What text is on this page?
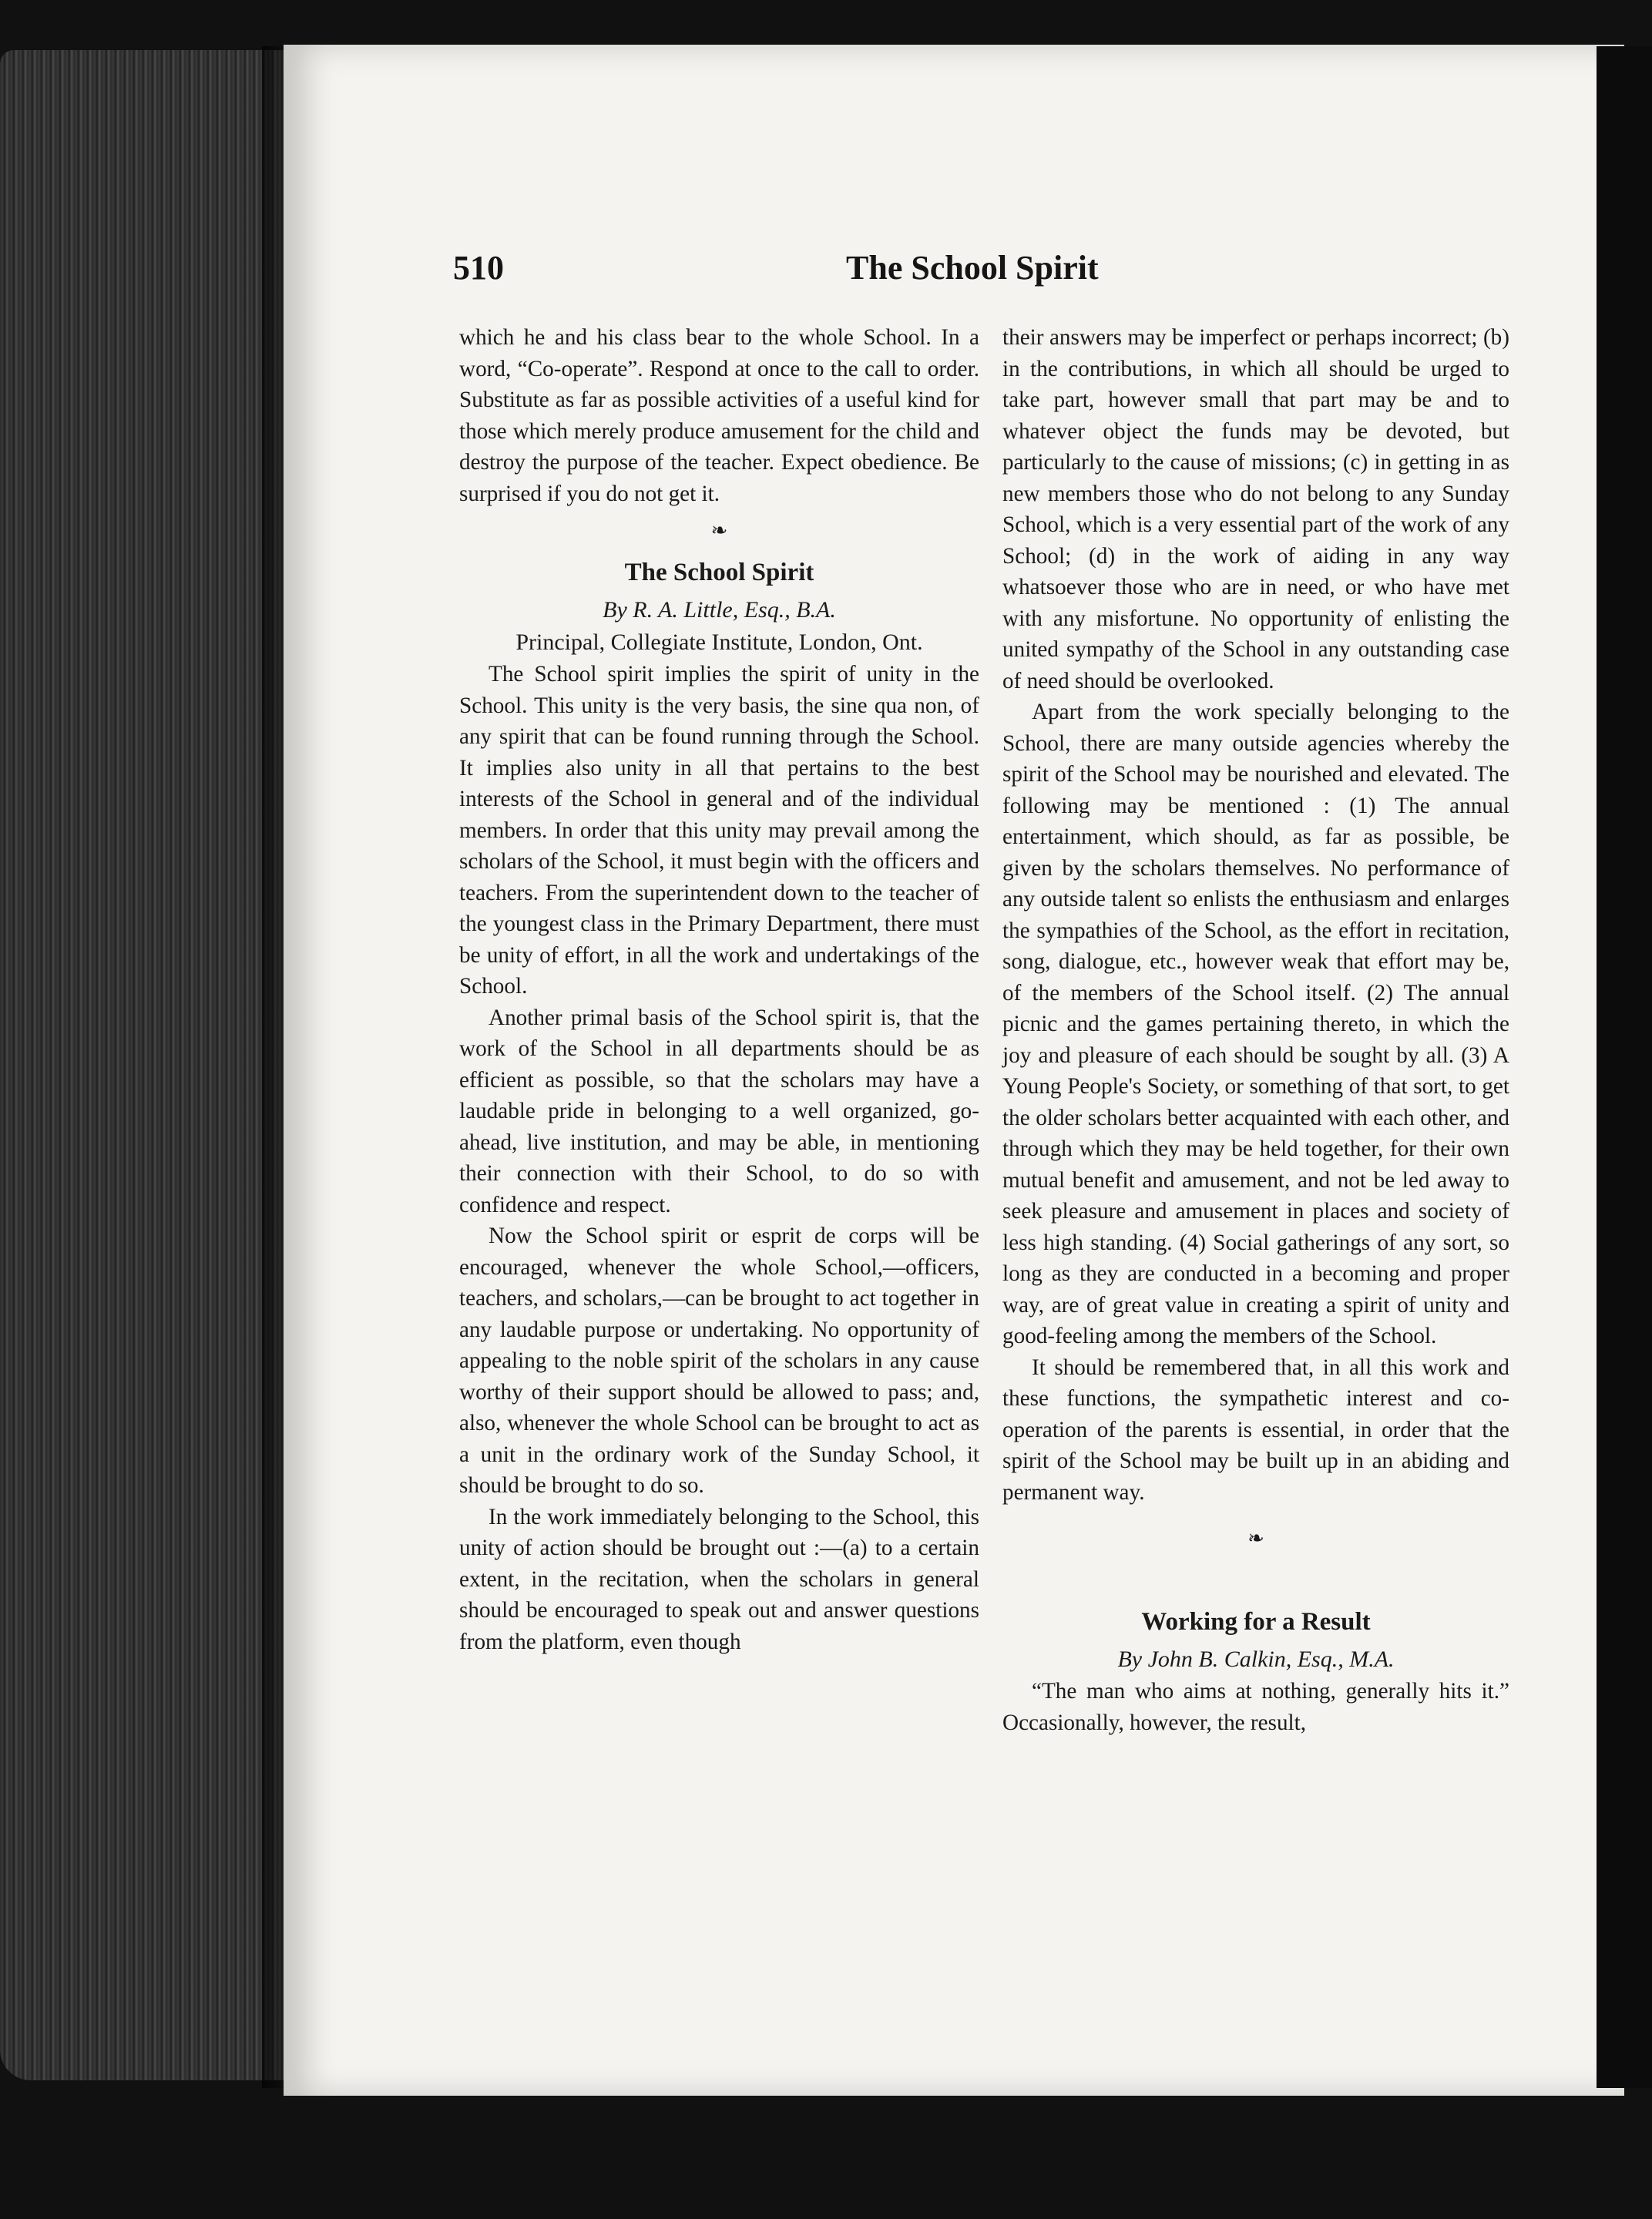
510	The School Spirit

which he and his class bear to the whole School. In a word, “Co-operate”. Respond at once to the call to order. Substitute as far as possible activities of a useful kind for those which merely produce amusement for the child and destroy the purpose of the teacher. Expect obedience. Be surprised if you do not get it.

❧
The School Spirit
By R. A. Little, Esq., B.A.
Principal, Collegiate Institute, London, Ont.

The School spirit implies the spirit of unity in the School. This unity is the very basis, the sine qua non, of any spirit that can be found running through the School. It implies also unity in all that pertains to the best interests of the School in general and of the individual members. In order that this unity may prevail among the scholars of the School, it must begin with the officers and teachers. From the superintendent down to the teacher of the youngest class in the Primary Department, there must be unity of effort, in all the work and undertakings of the School.

Another primal basis of the School spirit is, that the work of the School in all departments should be as efficient as possible, so that the scholars may have a laudable pride in belonging to a well organized, go-ahead, live institution, and may be able, in mentioning their connection with their School, to do so with confidence and respect.

Now the School spirit or esprit de corps will be encouraged, whenever the whole School,—officers, teachers, and scholars,—can be brought to act together in any laudable purpose or undertaking. No opportunity of appealing to the noble spirit of the scholars in any cause worthy of their support should be allowed to pass; and, also, whenever the whole School can be brought to act as a unit in the ordinary work of the Sunday School, it should be brought to do so.

In the work immediately belonging to the School, this unity of action should be brought out :—(a) to a certain extent, in the recitation, when the scholars in general should be encouraged to speak out and answer questions from the platform, even though

their answers may be imperfect or perhaps incorrect; (b) in the contributions, in which all should be urged to take part, however small that part may be and to whatever object the funds may be devoted, but particularly to the cause of missions; (c) in getting in as new members those who do not belong to any Sunday School, which is a very essential part of the work of any School; (d) in the work of aiding in any way whatsoever those who are in need, or who have met with any misfortune. No opportunity of enlisting the united sympathy of the School in any outstanding case of need should be overlooked.

Apart from the work specially belonging to the School, there are many outside agencies whereby the spirit of the School may be nourished and elevated. The following may be mentioned : (1) The annual entertainment, which should, as far as possible, be given by the scholars themselves. No performance of any outside talent so enlists the enthusiasm and enlarges the sympathies of the School, as the effort in recitation, song, dialogue, etc., however weak that effort may be, of the members of the School itself. (2) The annual picnic and the games pertaining thereto, in which the joy and pleasure of each should be sought by all. (3) A Young People's Society, or something of that sort, to get the older scholars better acquainted with each other, and through which they may be held together, for their own mutual benefit and amusement, and not be led away to seek pleasure and amusement in places and society of less high standing. (4) Social gatherings of any sort, so long as they are conducted in a becoming and proper way, are of great value in creating a spirit of unity and good-feeling among the members of the School.

It should be remembered that, in all this work and these functions, the sympathetic interest and co-operation of the parents is essential, in order that the spirit of the School may be built up in an abiding and permanent way.

❧
Working for a Result
By John B. Calkin, Esq., M.A.

“The man who aims at nothing, generally hits it.” Occasionally, however, the result,
